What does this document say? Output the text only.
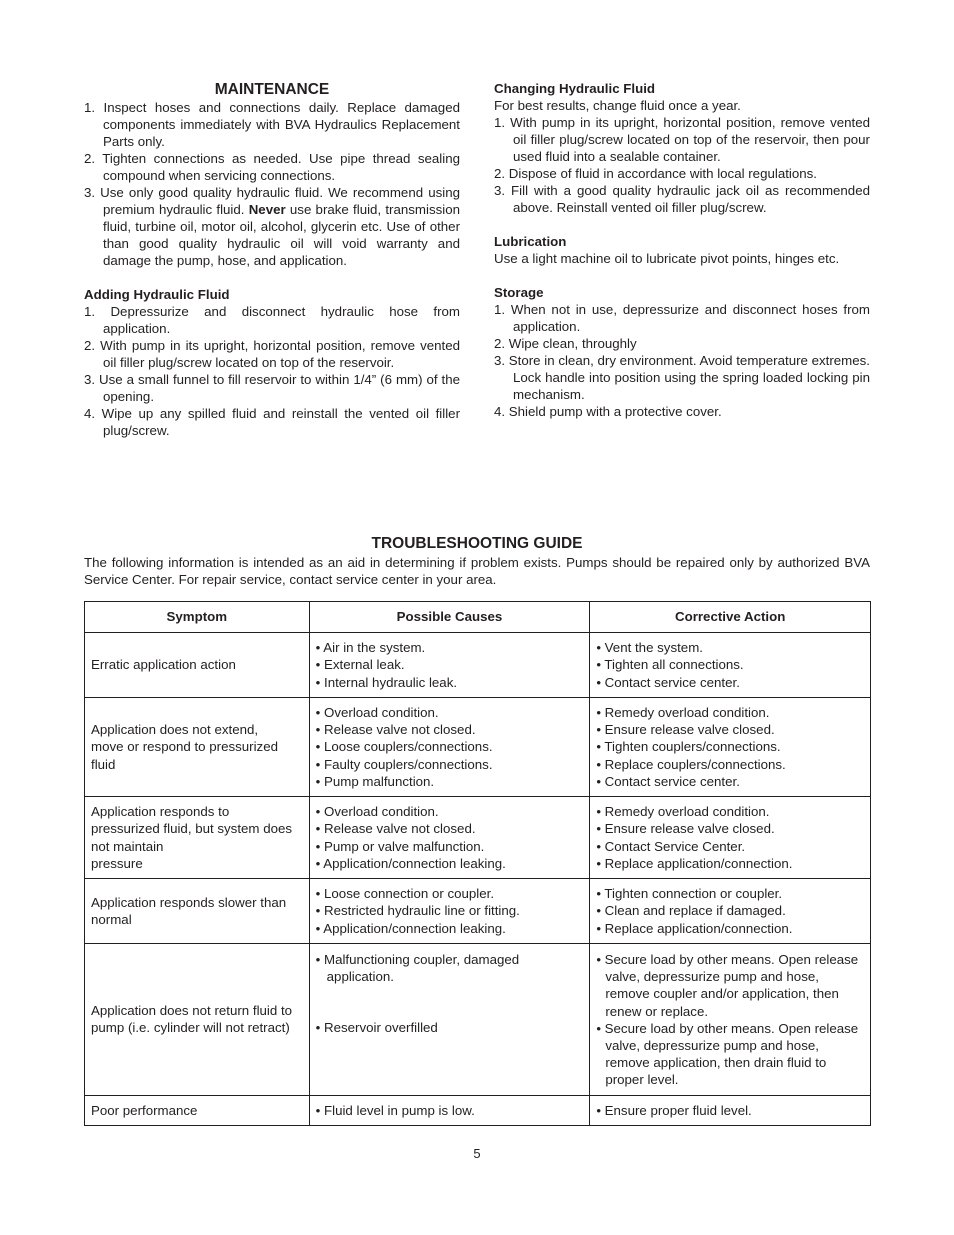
MAINTENANCE
1. Inspect hoses and connections daily. Replace damaged components immediately with BVA Hydraulics Replacement Parts only.
2. Tighten connections as needed. Use pipe thread sealing compound when servicing connections.
3. Use only good quality hydraulic fluid. We recommend using premium hydraulic fluid. Never use brake fluid, transmission fluid, turbine oil, motor oil, alcohol, glycerin etc. Use of other than good quality hydraulic oil will void warranty and damage the pump, hose, and application.
Adding Hydraulic Fluid
1. Depressurize and disconnect hydraulic hose from application.
2. With pump in its upright, horizontal position, remove vented oil filler plug/screw located on top of the reservoir.
3. Use a small funnel to fill reservoir to within 1/4” (6 mm) of the opening.
4. Wipe up any spilled fluid and reinstall the vented oil filler plug/screw.
Changing Hydraulic Fluid

For best results, change fluid once a year.

1. With pump in its upright, horizontal position, remove vented oil filler plug/screw located on top of the reservoir, then pour used fluid into a sealable container.
2. Dispose of fluid in accordance with local regulations.
3. Fill with a good quality hydraulic jack oil as recommended above. Reinstall vented oil filler plug/screw.
Lubrication

Use a light machine oil to lubricate pivot points, hinges etc.

Storage
1. When not in use, depressurize and disconnect hoses from application.
2. Wipe clean, throughly
3. Store in clean, dry environment. Avoid temperature extremes. Lock handle into position using the spring loaded locking pin mechanism.
4. Shield pump with a protective cover.
TROUBLESHOOTING GUIDE
The following information is intended as an aid in determining if problem exists. Pumps should be repaired only by authorized BVA Service Center. For repair service, contact service center in your area.
Symptom	Possible Causes	Corrective Action

Erratic application action	• Air in the system.
• External leak.
• Internal hydraulic leak.	• Vent the system.
• Tighten all connections.
• Contact service center.

Application does not extend,
move or respond to pressurized
fluid	• Overload condition.
• Release valve not closed.
• Loose couplers/connections.
• Faulty couplers/connections.
• Pump malfunction.	• Remedy overload condition.
• Ensure release valve closed.
• Tighten couplers/connections.
• Replace couplers/connections.
• Contact service center.

Application responds to
pressurized fluid, but system does
not maintain
pressure	• Overload condition.
• Release valve not closed.
• Pump or valve malfunction.
• Application/connection leaking.	• Remedy overload condition.
• Ensure release valve closed.
• Contact Service Center.
• Replace application/connection.

Application responds slower than
normal	• Loose connection or coupler.
• Restricted hydraulic line or fitting.
• Application/connection leaking.	• Tighten connection or coupler.
• Clean and replace if damaged.
• Replace application/connection.

Application does not return fluid to
pump (i.e. cylinder will not retract)	• Malfunctioning coupler, damaged application.
• Reservoir overfilled	• Secure load by other means. Open release valve, depressurize pump and hose, remove coupler and/or application, then renew or replace.
• Secure load by other means. Open release valve, depressurize pump and hose, remove application, then drain fluid to proper level.

Poor performance	• Fluid level in pump is low.	• Ensure proper fluid level.
5
